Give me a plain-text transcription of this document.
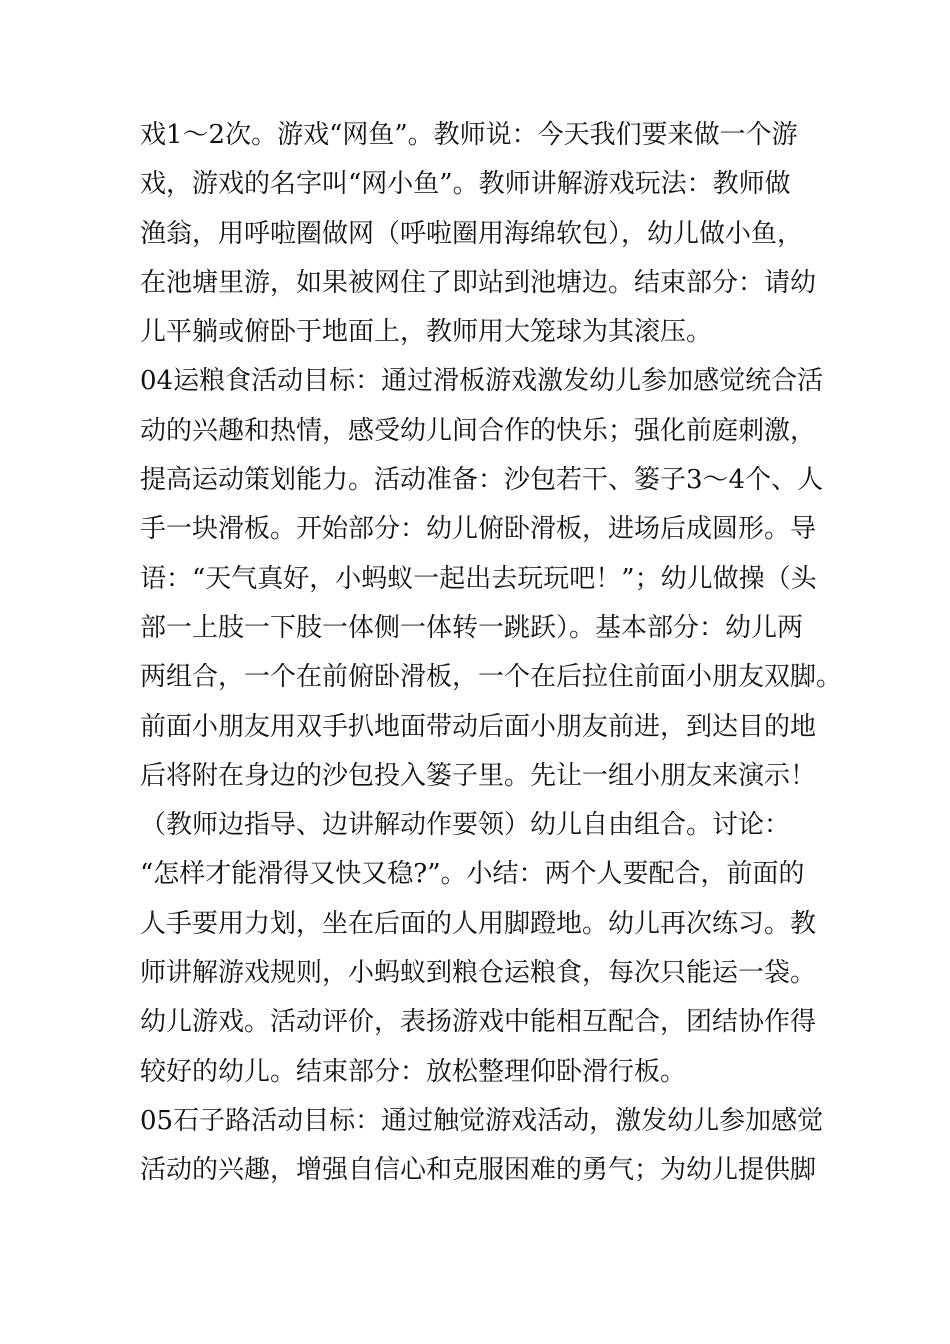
戏1～2次。游戏“网鱼”。教师说：今天我们要来做一个游
戏，游戏的名字叫“网小鱼”。教师讲解游戏玩法：教师做
渔翁，用呼啦圈做网（呼啦圈用海绵软包），幼儿做小鱼，
在池塘里游，如果被网住了即站到池塘边。结束部分：请幼
儿平躺或俯卧于地面上，教师用大笼球为其滚压。
04运粮食活动目标：通过滑板游戏激发幼儿参加感觉统合活
动的兴趣和热情，感受幼儿间合作的快乐；强化前庭刺激，
提高运动策划能力。活动准备：沙包若干、篓子3～4个、人
手一块滑板。开始部分：幼儿俯卧滑板，进场后成圆形。导
语：“天气真好，小蚂蚁一起出去玩玩吧！”；幼儿做操（头
部一上肢一下肢一体侧一体转一跳跃）。基本部分：幼儿两
两组合，一个在前俯卧滑板，一个在后拉住前面小朋友双脚。
前面小朋友用双手扒地面带动后面小朋友前进，到达目的地
后将附在身边的沙包投入篓子里。先让一组小朋友来演示！
（教师边指导、边讲解动作要领）幼儿自由组合。讨论：
“怎样才能滑得又快又稳?”。小结：两个人要配合，前面的
人手要用力划，坐在后面的人用脚蹬地。幼儿再次练习。教
师讲解游戏规则，小蚂蚁到粮仓运粮食，每次只能运一袋。
幼儿游戏。活动评价，表扬游戏中能相互配合，团结协作得
较好的幼儿。结束部分：放松整理仰卧滑行板。
05石子路活动目标：通过触觉游戏活动，激发幼儿参加感觉
活动的兴趣，增强自信心和克服困难的勇气；为幼儿提供脚
